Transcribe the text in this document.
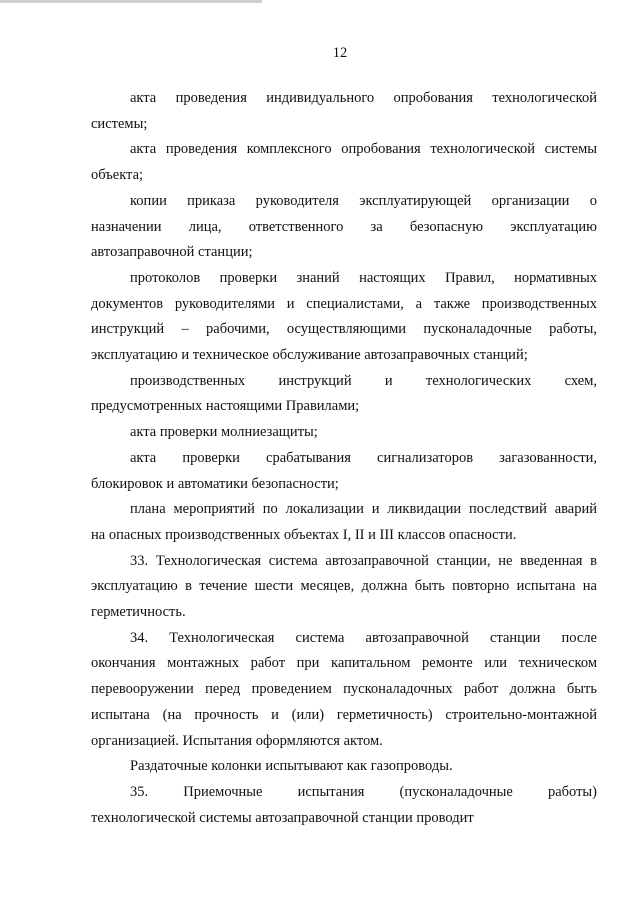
12
акта проведения индивидуального опробования технологической
системы;
акта проведения комплексного опробования технологической системы
объекта;
копии приказа руководителя эксплуатирующей организации о
назначении лица, ответственного за безопасную эксплуатацию
автозаправочной станции;
протоколов проверки знаний настоящих Правил, нормативных
документов руководителями и специалистами, а также производственных
инструкций – рабочими, осуществляющими пусконаладочные работы,
эксплуатацию и техническое обслуживание автозаправочных станций;
производственных инструкций и технологических схем,
предусмотренных настоящими Правилами;
акта проверки молниезащиты;
акта проверки срабатывания сигнализаторов загазованности,
блокировок и автоматики безопасности;
плана мероприятий по локализации и ликвидации последствий аварий
на опасных производственных объектах I, II и III классов опасности.
33. Технологическая система автозаправочной станции, не введенная в
эксплуатацию в течение шести месяцев, должна быть повторно испытана на
герметичность.
34. Технологическая система автозаправочной станции после
окончания монтажных работ при капитальном ремонте или техническом
перевооружении перед проведением пусконаладочных работ должна быть
испытана (на прочность и (или) герметичность) строительно-монтажной
организацией. Испытания оформляются актом.
Раздаточные колонки испытывают как газопроводы.
35. Приемочные испытания (пусконаладочные работы)
технологической системы автозаправочной станции проводит
